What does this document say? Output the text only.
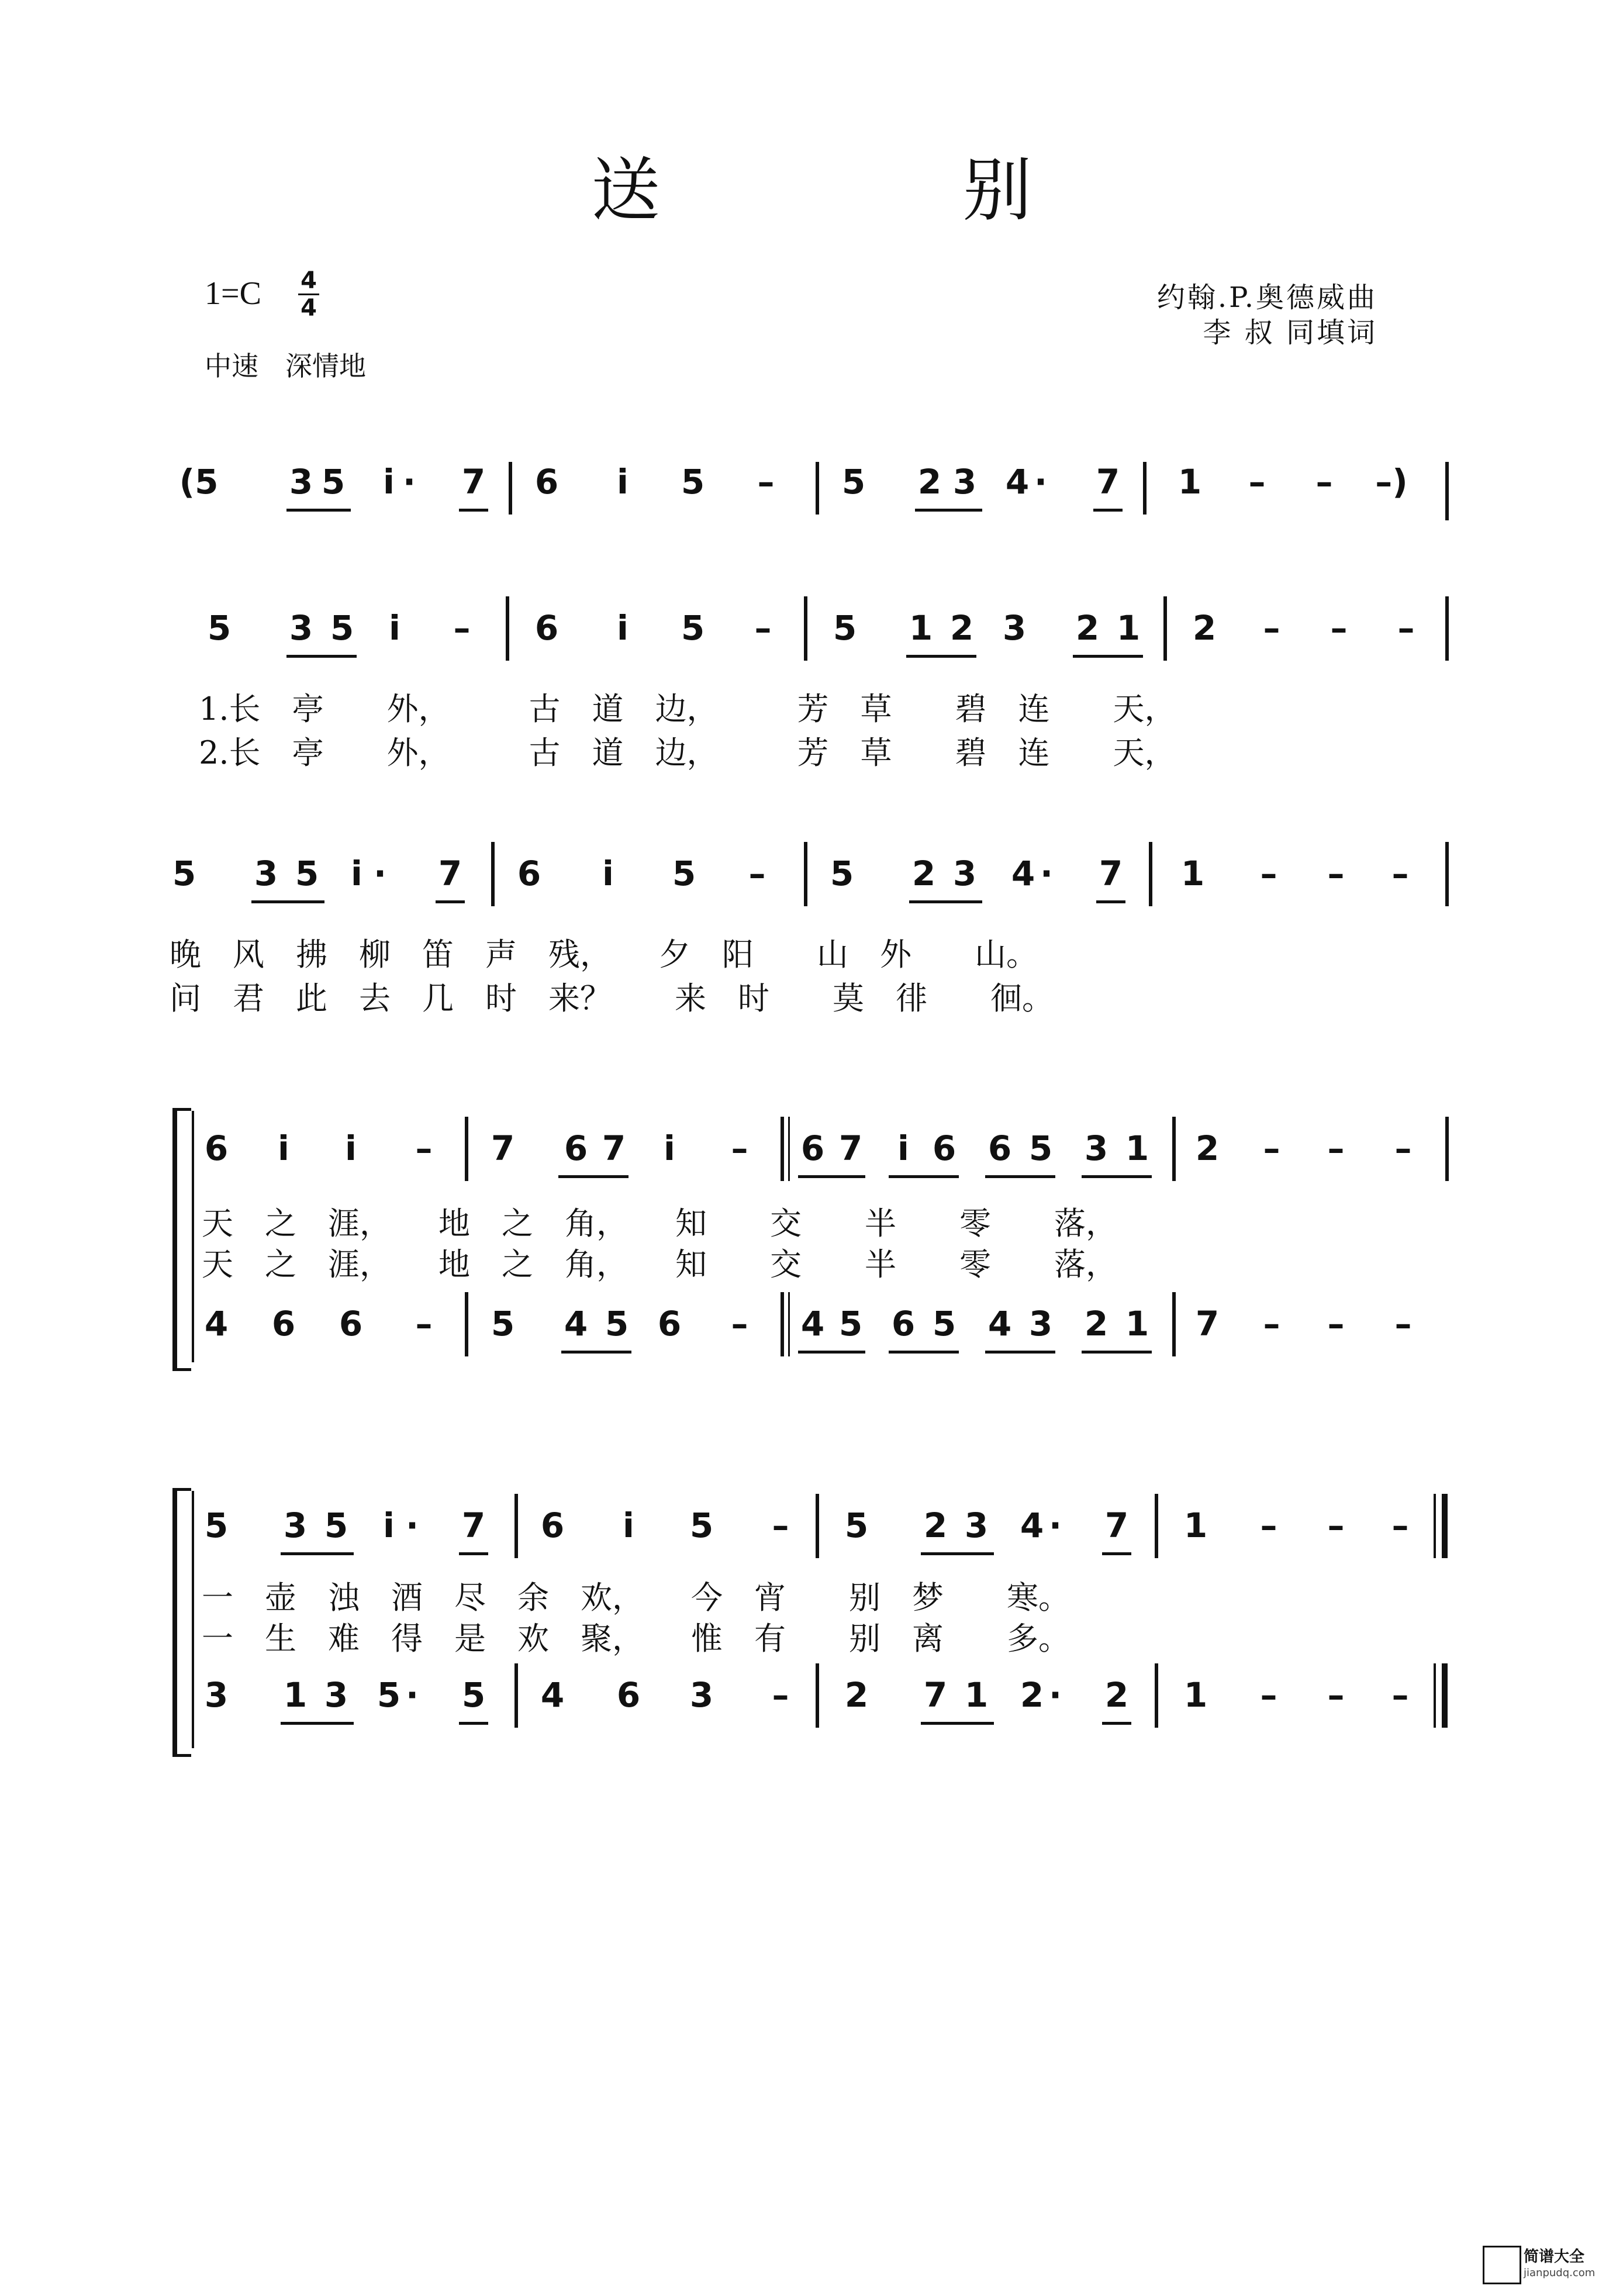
送 别
1=C 4
4
中速　深情地
约翰.P.奥德威曲
李 叔 同填词
(5 3 5	i ·	7 6	i	5	–	5 2 3 4 ·	7 1	–	–	–)
5 3 5	i	–	6	i	5	–	5 1 2 3 2 1 2	–	–	–
1.长　亭　　外，　　　古　道　边，　　　芳　草　　碧　连　　天，
2.长　亭　　外，　　　古　道　边，　　　芳　草　　碧　连　　天，
5 3 5 i ·	7 6	i	5	–	5 2 3 4 ·	7 1	–	–	–
晚　风　拂　柳　笛　声　残，　　夕　阳　　山　外　　山。
问　君　此　去　几　时　来？　　来　时　　莫　徘　　徊。
6	i	i	–	7 6 7	i	–	6 7	i 6 6 5 3 1 2	–	–	–
天　之　涯，　　地　之　角，　　知　　交　　半　　零　　落，
天　之　涯，　　地　之　角，　　知　　交　　半　　零　　落，
4 6 6	–	5 4 5 6	–	4 5 6 5 4 3 2 1 7	–	–	–
5 3 5	i ·	7 6	i	5	–	5 2 3 4 ·	7 1	–	–	–
一　壶　浊　酒　尽　余　欢，　　今　宵　　别　梦　　寒。
一　生　难　得　是　欢　聚，　　惟　有　　别　离　　多。
3 1 3 5 ·	5 4 6 3	–	2 7 1 2 ·	2 1	–	–	–
简谱大全
jianpudq.com
